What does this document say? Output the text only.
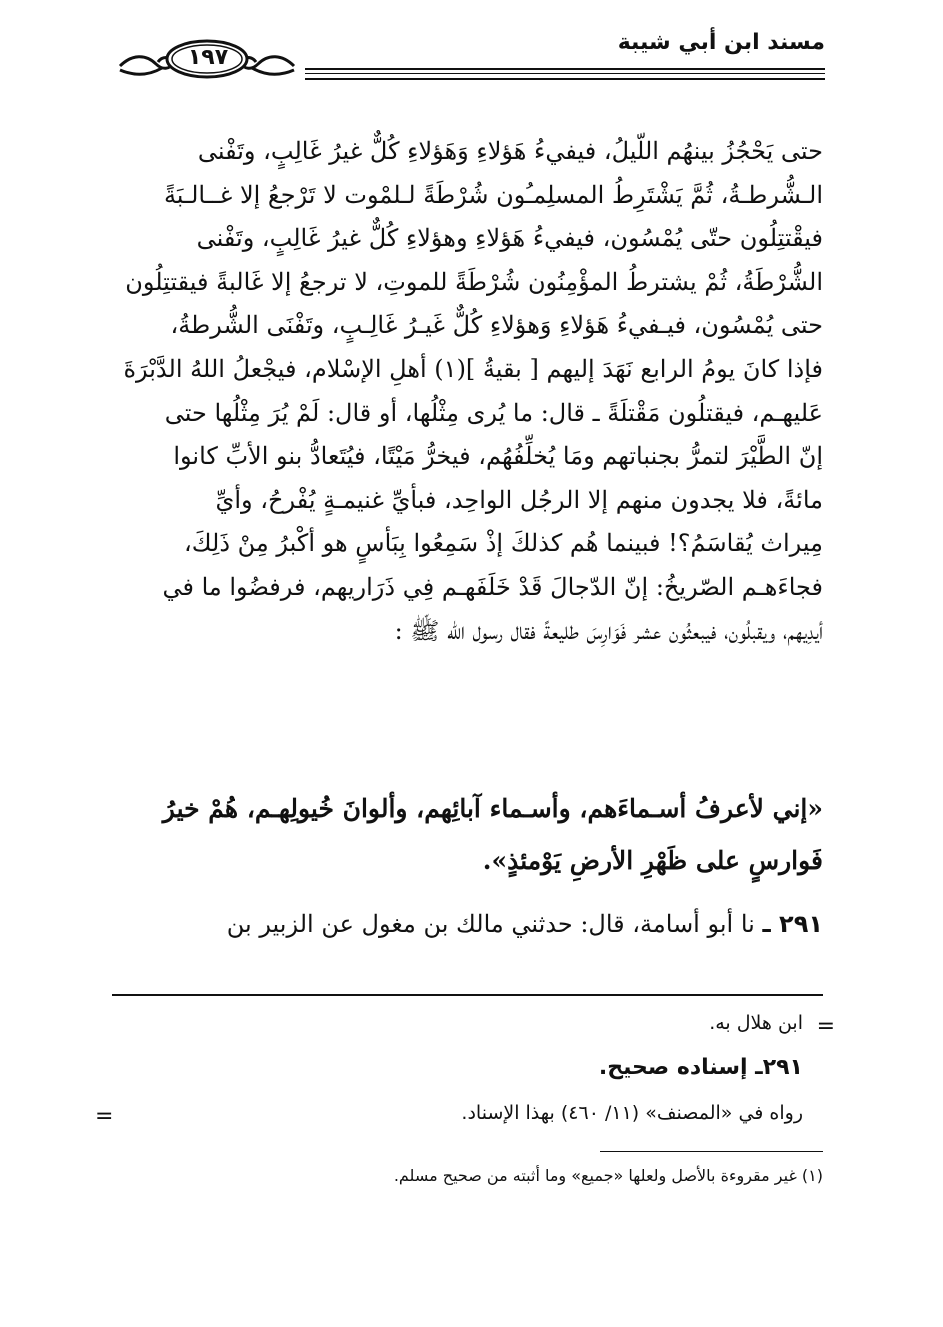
مسند ابن أبي شيبة
١٩٧

حتى يَحْجُزُ بينهُم اللّيلُ، فيفيءُ هَؤلاءِ وَهَؤلاءِ كُلٌّ غيرُ غَالِبٍ، وتَفْنى

الـشُّرطـةُ، ثُمَّ يَشْتَرِطُ المسلِمـُون شُرْطَةً لـلمْوت لا تَرْجعُ إلا غــالـبَةً

فيقْتتِلُون حتّى يُمْسُون، فيفيءُ هَؤلاءِ وهؤلاءِ كُلٌّ غيرُ غَالِبٍ، وتَفْنى

الشُّرْطَةُ، ثُمْ يشترطُ المؤْمِنُون شُرْطَةً للموتِ، لا ترجعُ إلا غَالبةً فيقتتِلُون

حتى يُمْسُون، فيـفيءُ هَؤلاءِ وَهؤلاءِ كُلٌّ غَيـرُ غَالِـبٍ، وتَفْنَى الشُّرطةُ،

فإذا كانَ يومُ الرابع نَهَدَ إليهم [ بقيةُ ](١) أهلِ الإسْلام، فيجْعلُ اللهُ الدَّبْرَةَ

عَليهـم، فيقتلُون مَقْتلَةً ـ قال: ما يُرى مِثْلُها، أو قال: لَمْ يُرَ مِثْلُها حتى

إنّ الطَّيْرَ لتمرُّ بجنباتهم ومَا يُخلِّفُهُم، فيخرُّ مَيْتًا، فيُتَعادُّ بنو الأبِّ كانوا

مائةً، فلا يجدون منهم إلا الرجُل الواحِد، فبأيِّ غنيمـةٍ يُفْرحُ، وأيِّ

مِيراث يُقاسَمُ؟! فبينما هُم كذلكَ إذْ سَمِعُوا بِبَأسٍ هو أكْبرُ مِنْ ذَلِكَ،

فجاءَهـم الصّريخُ: إنّ الدّجالَ قَدْ خَلَفَهـم فِي ذَرَاريهم، فرفضُوا ما في

أيدِيهم، ويقبلُون، فيبعثُون عشر فَوَارِسَ طليعةً فقال رسول الله ﷺ :

«إني لأعرفُ أسـماءَهم، وأسـماء آبائِهم، وألوانَ خُيولِهـم، هُمْ خيرُ

فَوارسٍ على ظَهْرِ الأرضِ يَوْمئذٍ».

٢٩١ ـ نا أبو أسامة، قال: حدثني مالك بن مغول عن الزبير بن
=
ابن هلال به.
٢٩١ـ إسناده صحيح.
رواه في «المصنف» (١١/ ٤٦٠) بهذا الإسناد.
=
(١) غير مقروءة بالأصل ولعلها «جميع» وما أثبته من صحيح مسلم.
